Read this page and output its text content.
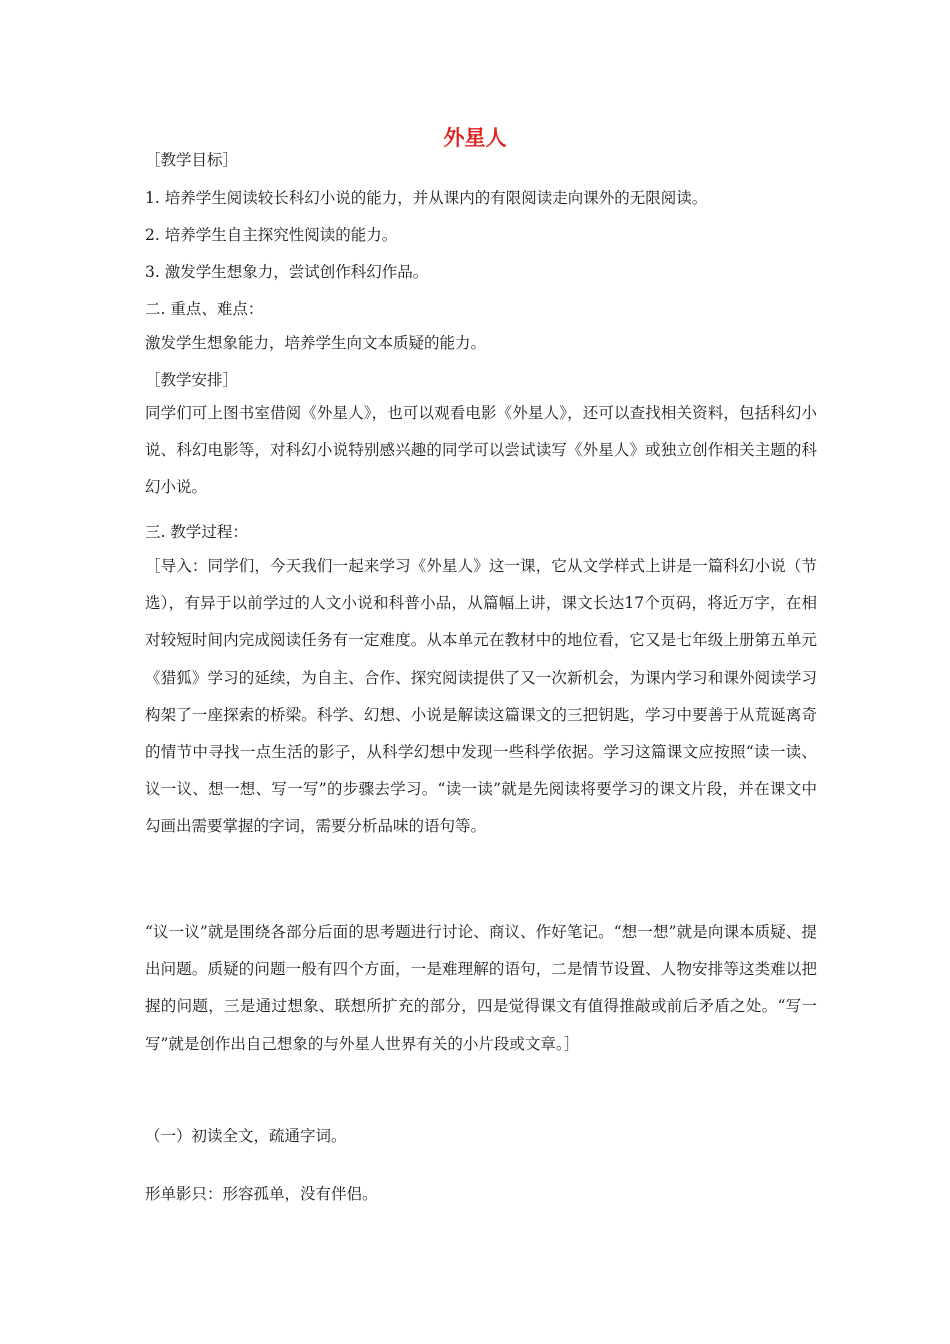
外星人
［教学目标］
1. 培养学生阅读较长科幻小说的能力，并从课内的有限阅读走向课外的无限阅读。
2. 培养学生自主探究性阅读的能力。
3. 激发学生想象力，尝试创作科幻作品。
二. 重点、难点：
激发学生想象能力，培养学生向文本质疑的能力。
［教学安排］
同学们可上图书室借阅《外星人》，也可以观看电影《外星人》，还可以查找相关资料，包括科幻小说、科幻电影等，对科幻小说特别感兴趣的同学可以尝试读写《外星人》或独立创作相关主题的科幻小说。
三. 教学过程：
［导入：同学们，今天我们一起来学习《外星人》这一课，它从文学样式上讲是一篇科幻小说（节选），有异于以前学过的人文小说和科普小品，从篇幅上讲，课文长达17个页码，将近万字，在相对较短时间内完成阅读任务有一定难度。从本单元在教材中的地位看，它又是七年级上册第五单元《猎狐》学习的延续，为自主、合作、探究阅读提供了又一次新机会，为课内学习和课外阅读学习构架了一座探索的桥梁。科学、幻想、小说是解读这篇课文的三把钥匙，学习中要善于从荒诞离奇的情节中寻找一点生活的影子，从科学幻想中发现一些科学依据。学习这篇课文应按照“读一读、议一议、想一想、写一写”的步骤去学习。“读一读”就是先阅读将要学习的课文片段，并在课文中勾画出需要掌握的字词，需要分析品味的语句等。
“议一议”就是围绕各部分后面的思考题进行讨论、商议、作好笔记。“想一想”就是向课本质疑、提出问题。质疑的问题一般有四个方面，一是难理解的语句，二是情节设置、人物安排等这类难以把握的问题，三是通过想象、联想所扩充的部分，四是觉得课文有值得推敲或前后矛盾之处。“写一写”就是创作出自己想象的与外星人世界有关的小片段或文章。］
（一）初读全文，疏通字词。
形单影只：形容孤单，没有伴侣。
